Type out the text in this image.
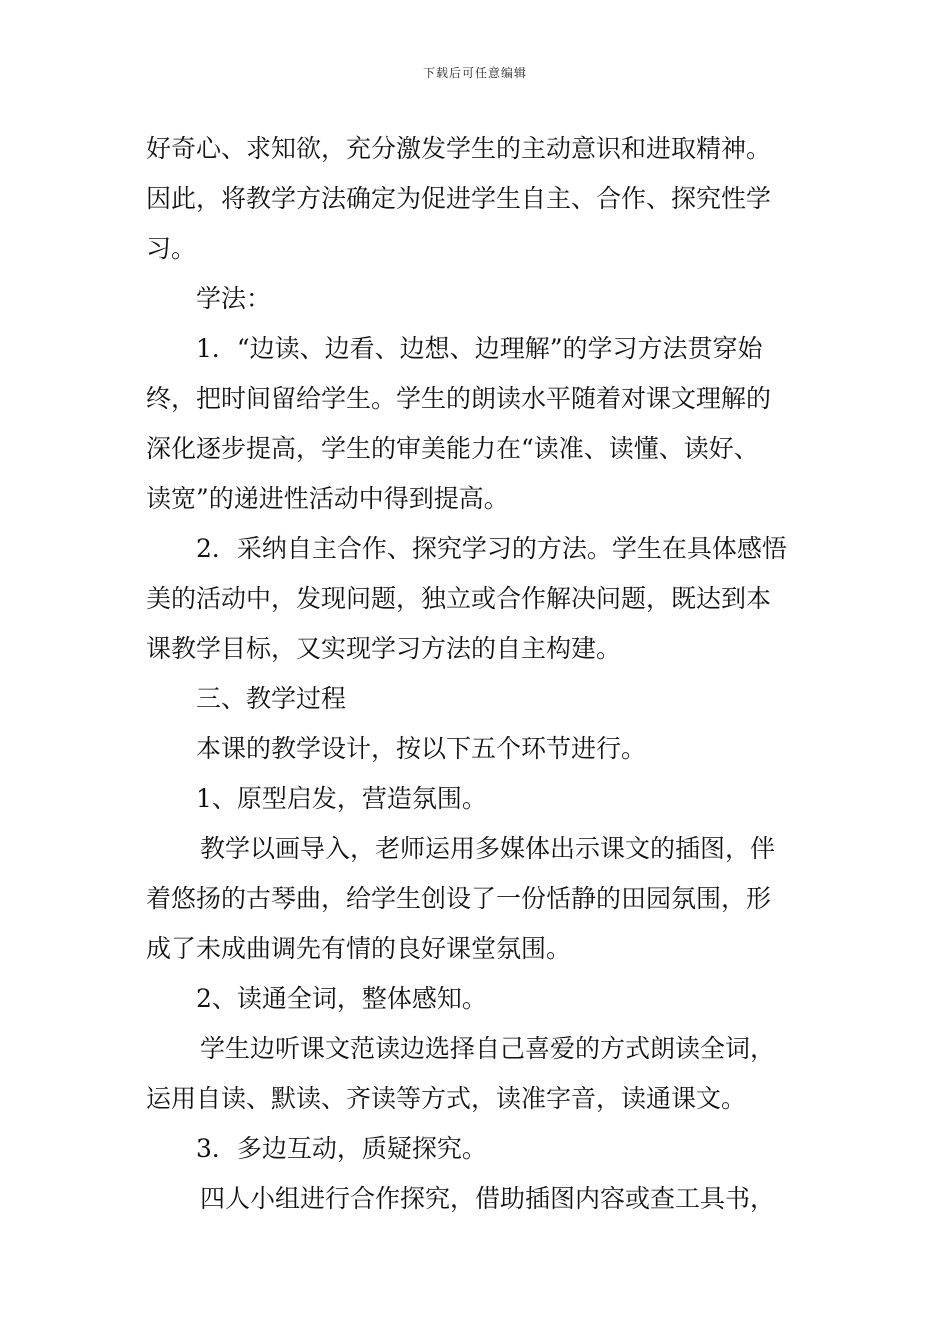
下载后可任意编辑
好奇心、求知欲，充分激发学生的主动意识和进取精神。
因此，将教学方法确定为促进学生自主、合作、探究性学
习。
学法：
1．“边读、边看、边想、边理解”的学习方法贯穿始
终，把时间留给学生。学生的朗读水平随着对课文理解的
深化逐步提高，学生的审美能力在“读准、读懂、读好、
读宽”的递进性活动中得到提高。
2．采纳自主合作、探究学习的方法。学生在具体感悟
美的活动中，发现问题，独立或合作解决问题，既达到本
课教学目标，又实现学习方法的自主构建。
三、教学过程
本课的教学设计，按以下五个环节进行。
1、原型启发，营造氛围。
教学以画导入，老师运用多媒体出示课文的插图，伴
着悠扬的古琴曲，给学生创设了一份恬静的田园氛围，形
成了未成曲调先有情的良好课堂氛围。
2、读通全词，整体感知。
学生边听课文范读边选择自己喜爱的方式朗读全词，
运用自读、默读、齐读等方式，读准字音，读通课文。
3．多边互动，质疑探究。
四人小组进行合作探究，借助插图内容或查工具书，
